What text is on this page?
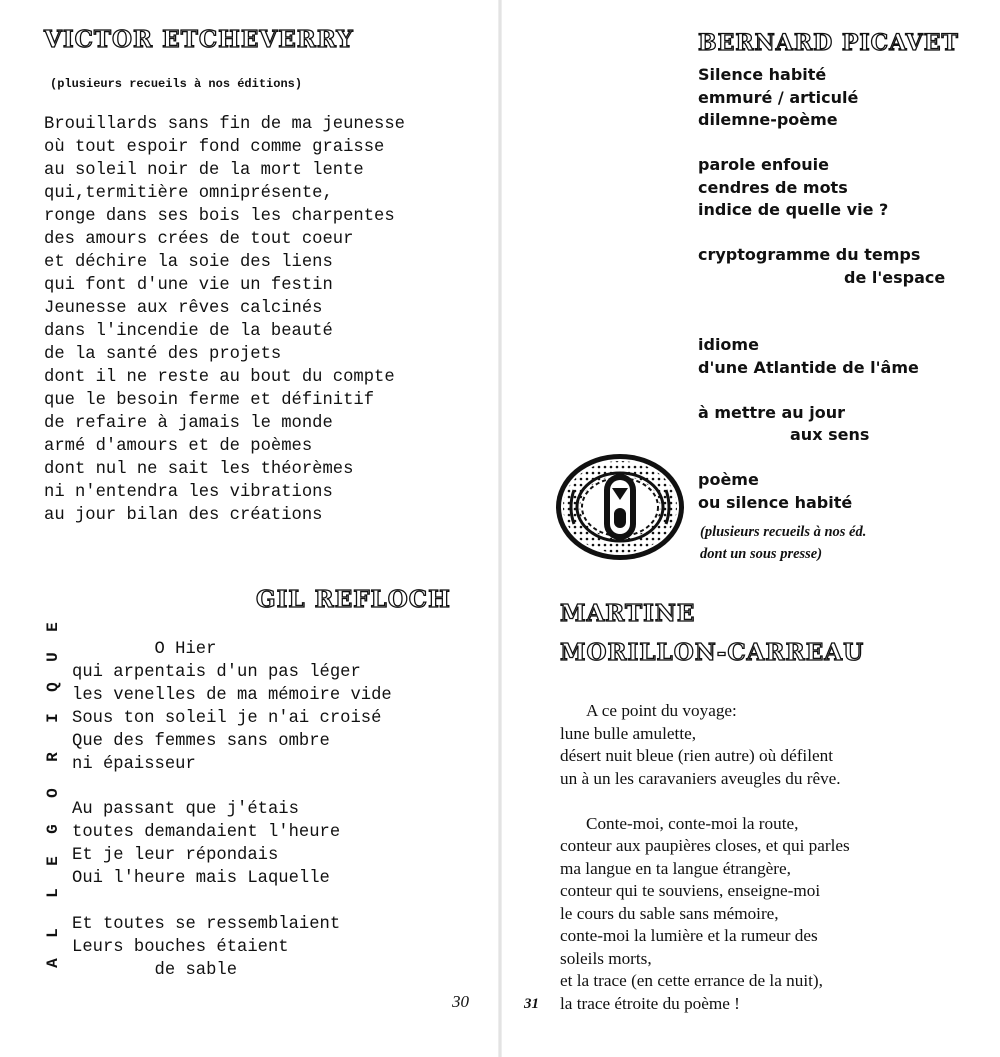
VICTOR ETCHEVERRY
(plusieurs recueils à nos éditions)
Brouillards sans fin de ma jeunesse
où tout espoir fond comme graisse
au soleil noir de la mort lente
qui,termitière omniprésente,
ronge dans ses bois les charpentes
des amours crées de tout coeur
et déchire la soie des liens
qui font d'une vie un festin
Jeunesse aux rêves calcinés
dans l'incendie de la beauté
de la santé des projets
dont il ne reste au bout du compte
que le besoin ferme et définitif
de refaire à jamais le monde
armé d'amours et de poèmes
dont nul ne sait les théorèmes
ni n'entendra les vibrations
au jour bilan des créations
GIL REFLOCH
E
U
Q
I
R
O
G
E
L
L
A
O Hier
qui arpentais d'un pas léger
les venelles de ma mémoire vide
Sous ton soleil je n'ai croisé
Que des femmes sans ombre
ni épaisseur

Au passant que j'étais
toutes demandaient l'heure
Et je leur répondais
Oui l'heure mais Laquelle

Et toutes se ressemblaient
Leurs bouches étaient
de sable
30
BERNARD PICAVET
Silence habité
emmuré / articulé
dilemne-poème

parole enfouie
cendres de mots
indice de quelle vie ?

cryptogramme du temps
de l'espace

idiome
d'une Atlantide de l'âme

à mettre au jour
aux sens

poème
ou silence habité
(plusieurs recueils à nos éd.
dont un sous presse)
MARTINE
MORILLON-CARREAU
A ce point du voyage:
lune bulle amulette,
désert nuit bleue (rien autre) où défilent
un à un les caravaniers aveugles du rêve.

Conte-moi, conte-moi la route,
conteur aux paupières closes, et qui parles
ma langue en ta langue étrangère,
conteur qui te souviens, enseigne-moi
le cours du sable sans mémoire,
conte-moi la lumière et la rumeur des
soleils morts,
et la trace (en cette errance de la nuit),
la trace étroite du poème !
31
